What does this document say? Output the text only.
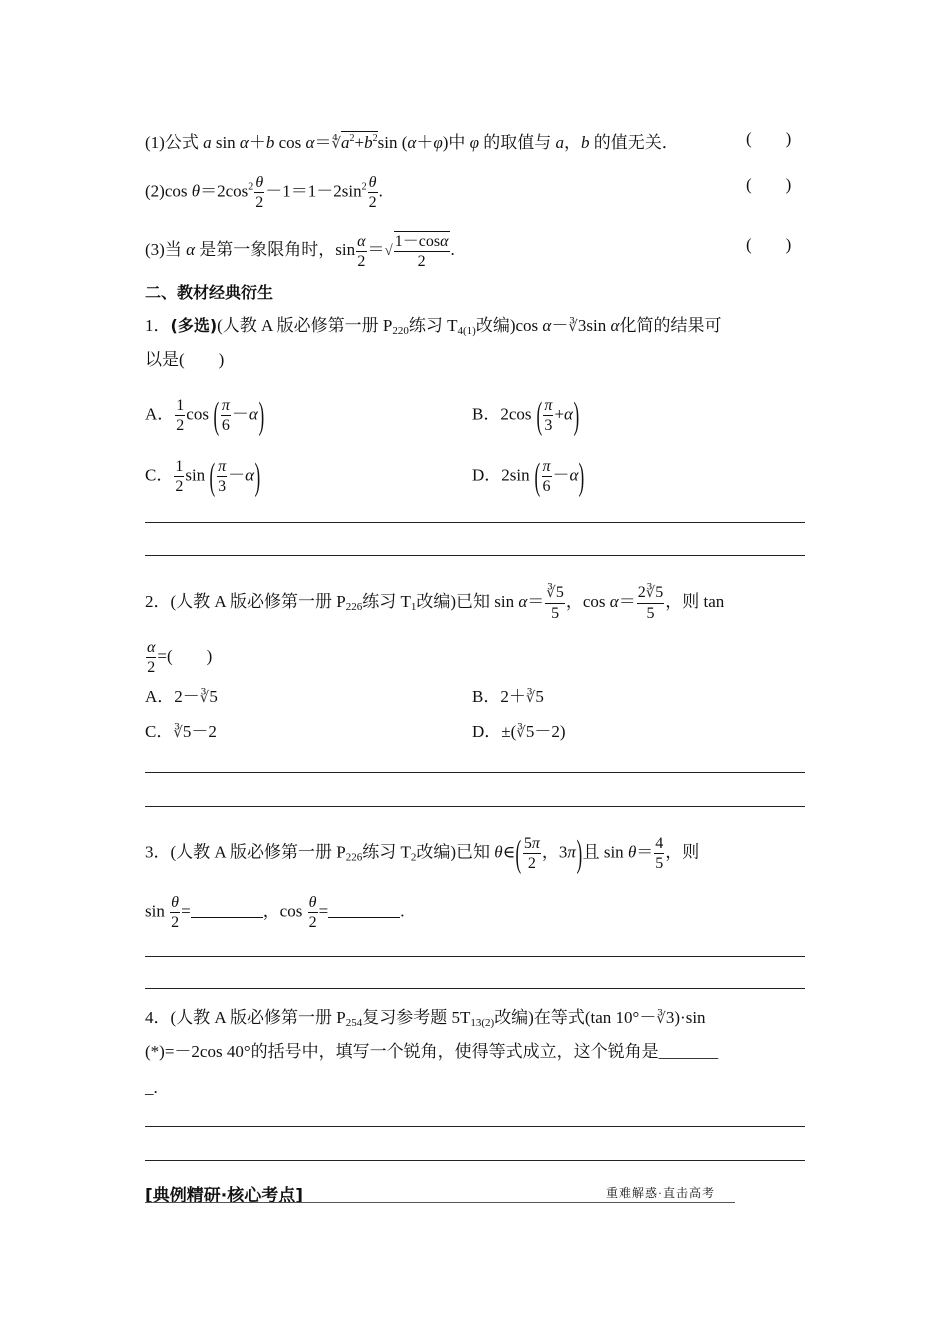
(1)公式 a sin α＋b $\cos \alpha=∜a^2+b^2\sin$ (α＋φ)中 φ 的取值与 a，b 的值无关．	(　　)
(2)cos $\theta=2\cos^2 \frac{\theta}{2} -1=1-2\sin^2 \frac{\theta}{2}$ .	(　　)
(3)当 α 是第一象限角时，$\sin \frac{\alpha}{2}$ ＝√ $\frac{1-\cos\alpha}{2}$ .	(　　)
二、教材经典衍生
1．(多选)(人教 A 版必修第一册 $P_{220}$练习 $T_{4(1)}$改编)cos α－∛3sin α化简的结果可
以是(　　)
A． $\frac{1}{2}$ cos ( $\frac{\pi}{6} -\alpha$)	B．2cos ( $\frac{\pi}{3} +\alpha$)
C． $\frac{1}{2}$ sin ( $\frac{\pi}{3} -\alpha$)	D．2sin ( $\frac{\pi}{6} -\alpha$)
2．(人教 A 版必修第一册 $P_{226}$练习 $T_1$改编)已知 $\sin \alpha= \frac{∛5}{5}$ ，$\cos \alpha= \frac{2∛5}{5}$ ，则 tan
$\frac{\alpha}{2}$ =(　　)
A．2－∛5	B．2＋∛5
C．∛5－2	D．±(∛5－2)
3．(人教 A 版必修第一册 $P_{226}$练习 $T_2$改编)已知 θ∈( $\frac{5\pi}{2}$ ，3π)且 $\sin \theta= \frac{4}{5}$ ，则
$\sin \frac{\theta}{2}$ =	，$\cos \frac{\theta}{2}$ =	.
4．(人教 A 版必修第一册 $P_{254}$复习参考题 $5T_{13(2)}$改编)在等式(tan 10°－∛3)·sin
(*)=－2cos 40°的括号中，填写一个锐角，使得等式成立，这个锐角是_______
_.
[典例精研·核心考点]	重难解惑·直击高考
